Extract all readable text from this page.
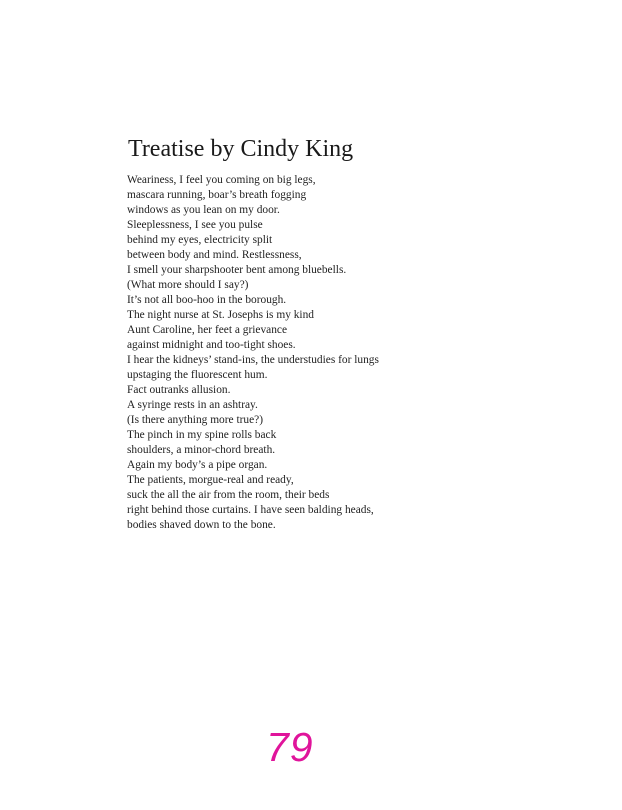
Treatise by Cindy King
Weariness, I feel you coming on big legs,
mascara running, boar’s breath fogging
windows as you lean on my door.
Sleeplessness, I see you pulse
behind my eyes, electricity split
between body and mind. Restlessness,
I smell your sharpshooter bent among bluebells.
(What more should I say?)
It’s not all boo-hoo in the borough.
The night nurse at St. Josephs is my kind
Aunt Caroline, her feet a grievance
against midnight and too-tight shoes.
I hear the kidneys’ stand-ins, the understudies for lungs
upstaging the fluorescent hum.
Fact outranks allusion.
A syringe rests in an ashtray.
(Is there anything more true?)
The pinch in my spine rolls back
shoulders, a minor-chord breath.
Again my body’s a pipe organ.
The patients, morgue-real and ready,
suck the all the air from the room, their beds
right behind those curtains. I have seen balding heads,
bodies shaved down to the bone.
79
